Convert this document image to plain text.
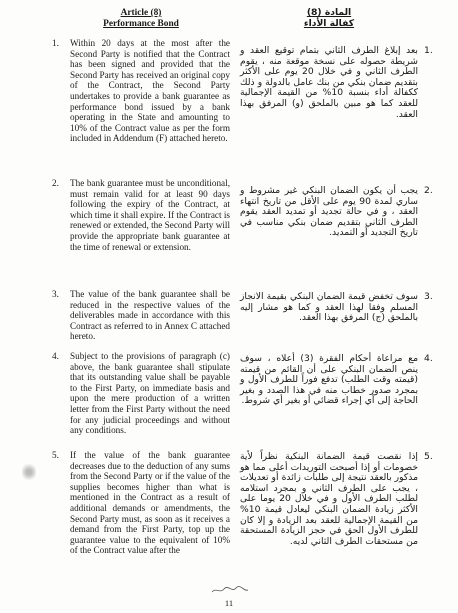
Article (8)
Performance Bond
1.	Within 20 days at the most after the Second Party is notified that the Contract has been signed and provided that the Second Party has received an original copy of the Contract, the Second Party undertakes to provide a bank guarantee as performance bond issued by a bank operating in the State and amounting to 10% of the Contract value as per the form included in Addendum (F) attached hereto.
2.	The bank guarantee must be unconditional, must remain valid for at least 90 days following the expiry of the Contract, at which time it shall expire. If the Contract is renewed or extended, the Second Party will provide the appropriate bank guarantee at the time of renewal or extension.
3.	The value of the bank guarantee shall be reduced in the respective values of the deliverables made in accordance with this Contract as referred to in Annex C attached hereto.
4.	Subject to the provisions of paragraph (c) above, the bank guarantee shall stipulate that its outstanding value shall be payable to the First Party, on immediate basis and upon the mere production of a written letter from the First Party without the need for any judicial proceedings and without any conditions.
5.	If the value of the bank guarantee decreases due to the deduction of any sums from the Second Party or if the value of the supplies becomes higher than what is mentioned in the Contract as a result of additional demands or amendments, the Second Party must, as soon as it receives a demand from the First Party, top up the guarantee value to the equivalent of 10% of the Contract value after the
المادة (8)
كفالة الأداء
1.
بعد إبلاغ الطرف الثاني بتمام توقيع العقد و شريطة حصوله على نسخة موقعة منه ، يقوم الطرف الثاني و في خلال 20 يوم على الأكثر بتقديم ضمان بنكي من بنك عامل بالدولة و ذلك ككفالة أداء بنسبة 10% من القيمة الإجمالية للعقد كما هو مبين بالملحق (و) المرفق بهذا العقد.
2.
يجب أن يكون الضمان البنكي غير مشروط و ساري لمدة 90 يوم على الأقل من تاريخ انتهاء العقد ، و في حالة تجديد أو تمديد العقد يقوم الطرف الثاني بتقديم ضمان بنكي مناسب في تاريخ التجديد أو التمديد.
3.
سوف تخفض قيمة الضمان البنكي بقيمة الانجاز المسلم وفقا لهذا العقد و كما هو مشار إليه بالملحق (ج) المرفق بهذا العقد.
4.
مع مراعاة أحكام الفقرة (3) أعلاه ، سوف ينص الضمان البنكي على أن القائم من قيمته (قيمته وقت الطلب) تدفع فوراً للطرف الأول و بمجرد صدور خطاب منه في هذا الصدد و بغير الحاجة إلى أي إجراء قضائي أو بغير أي شروط.
5.
إذا نقصت قيمة الضمانة البنكية نظراً لأية خصومات أو إذا أصبحت التوريدات أعلى مما هو مذكور بالعقد نتيجة إلى طلبات زائدة أو تعديلات ، يجب على الطرف الثاني و بمجرد استلامه لطلب الطرف الأول و في خلال 20 يوما على الأكثر زيادة الضمان البنكي ليعادل قيمة 10% من القيمة الإجمالية للعقد بعد الزيادة و إلا كان للطرف الأول الحق في حجز الزيادة المستحقة من مستحقات الطرف الثاني لديه.
11
